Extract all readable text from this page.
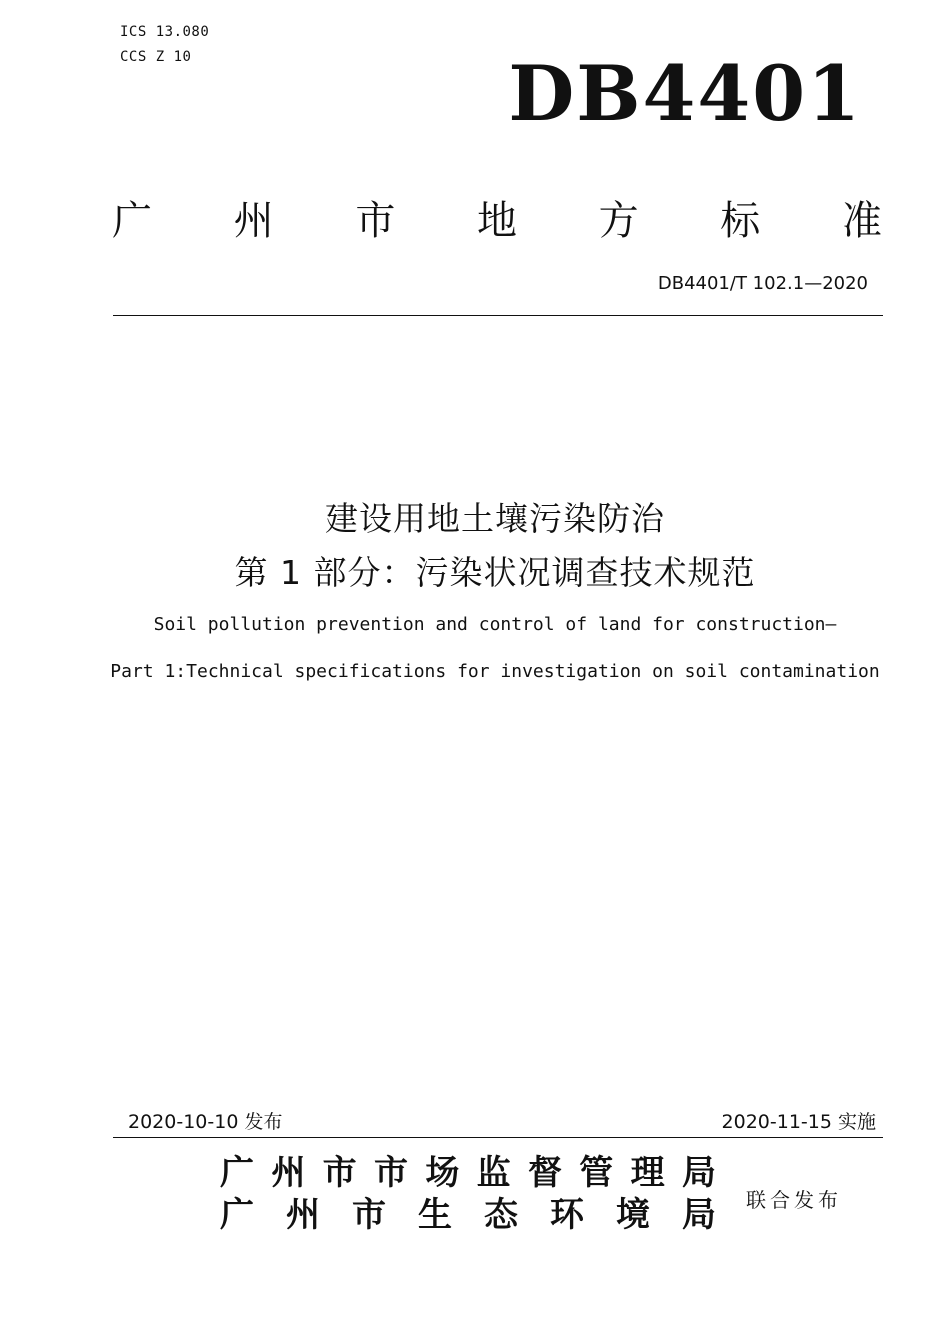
ICS 13.080
CCS Z 10	DB4401
广 州 市 地 方 标 准
DB4401/T 102.1—2020
建设用地土壤污染防治
第 1 部分：污染状况调查技术规范
Soil pollution prevention and control of land for construction—
Part 1:Technical specifications for investigation on soil contamination
2020-10-10 发布	2020-11-15 实施
广 州 市 市 场 监 督 管 理 局
广 州 市 生 态 环 境 局 联合发布
